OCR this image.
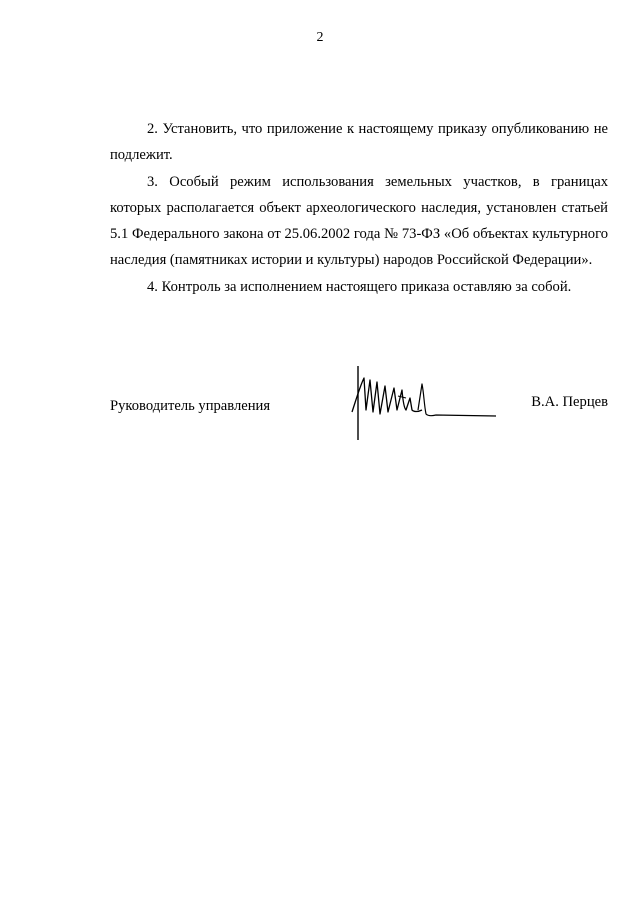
2

2. Установить, что приложение к настоящему приказу опубликованию не подлежит.

3. Особый режим использования земельных участков, в границах которых располагается объект археологического наследия, установлен статьей 5.1 Федерального закона от 25.06.2002 года № 73-ФЗ «Об объектах культурного наследия (памятниках истории и культуры) народов Российской Федерации».

4. Контроль за исполнением настоящего приказа оставляю за собой.

Руководитель управления	В.А. Перцев
